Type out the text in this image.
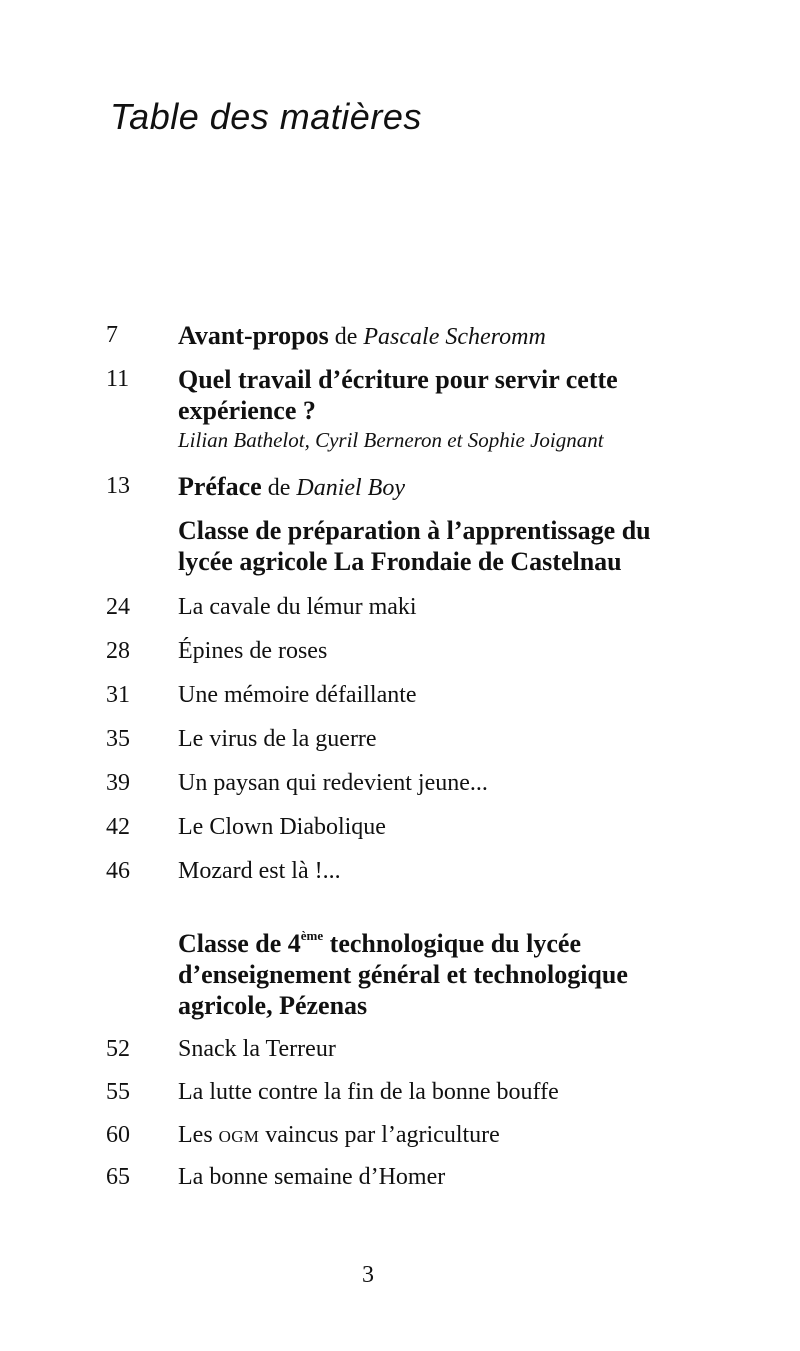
Table des matières
7	Avant-propos de Pascale Scheromm
11	Quel travail d’écriture pour servir cette
expérience ?
Lilian Bathelot, Cyril Berneron et Sophie Joignant
13	Préface de Daniel Boy
Classe de préparation à l’apprentissage du
lycée agricole La Frondaie de Castelnau
24	La cavale du lémur maki
28	Épines de roses
31	Une mémoire défaillante
35	Le virus de la guerre
39	Un paysan qui redevient jeune...
42	Le Clown Diabolique
46	Mozard est là !...
Classe de 4ème technologique du lycée
d’enseignement général et technologique
agricole, Pézenas
52	Snack la Terreur
55	La lutte contre la fin de la bonne bouffe
60	Les OGM vaincus par l’agriculture
65	La bonne semaine d’Homer
3
